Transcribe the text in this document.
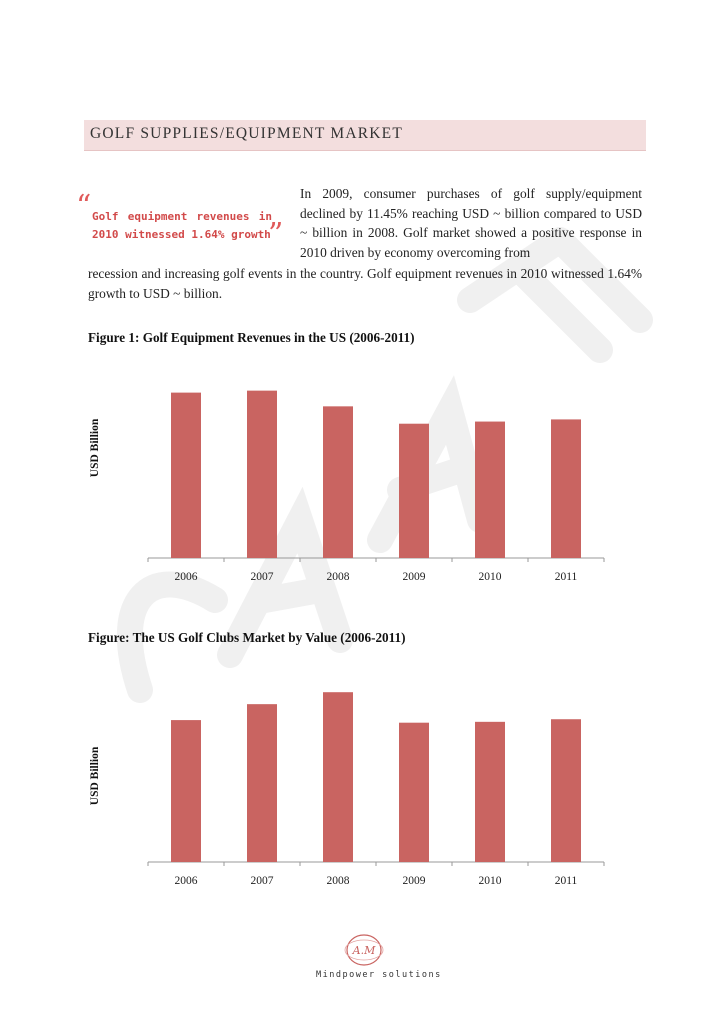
GOLF SUPPLIES/EQUIPMENT MARKET
“ Golf equipment revenues in 2010 witnessed 1.64% growth
”
In 2009, consumer purchases of golf supply/equipment declined by 11.45% reaching USD ~ billion compared to USD ~ billion in 2008. Golf market showed a positive response in 2010 driven by economy overcoming from
recession and increasing golf events in the country. Golf equipment revenues in 2010 witnessed 1.64% growth to USD ~ billion.
Figure 1: Golf Equipment Revenues in the US (2006-2011)
USD Billion
2006	2007	2008	2009	2010	2011
Figure: The US Golf Clubs Market by Value (2006-2011)
USD Billion
2006	2007	2008	2009	2010	2011
A.M
Mindpower solutions
